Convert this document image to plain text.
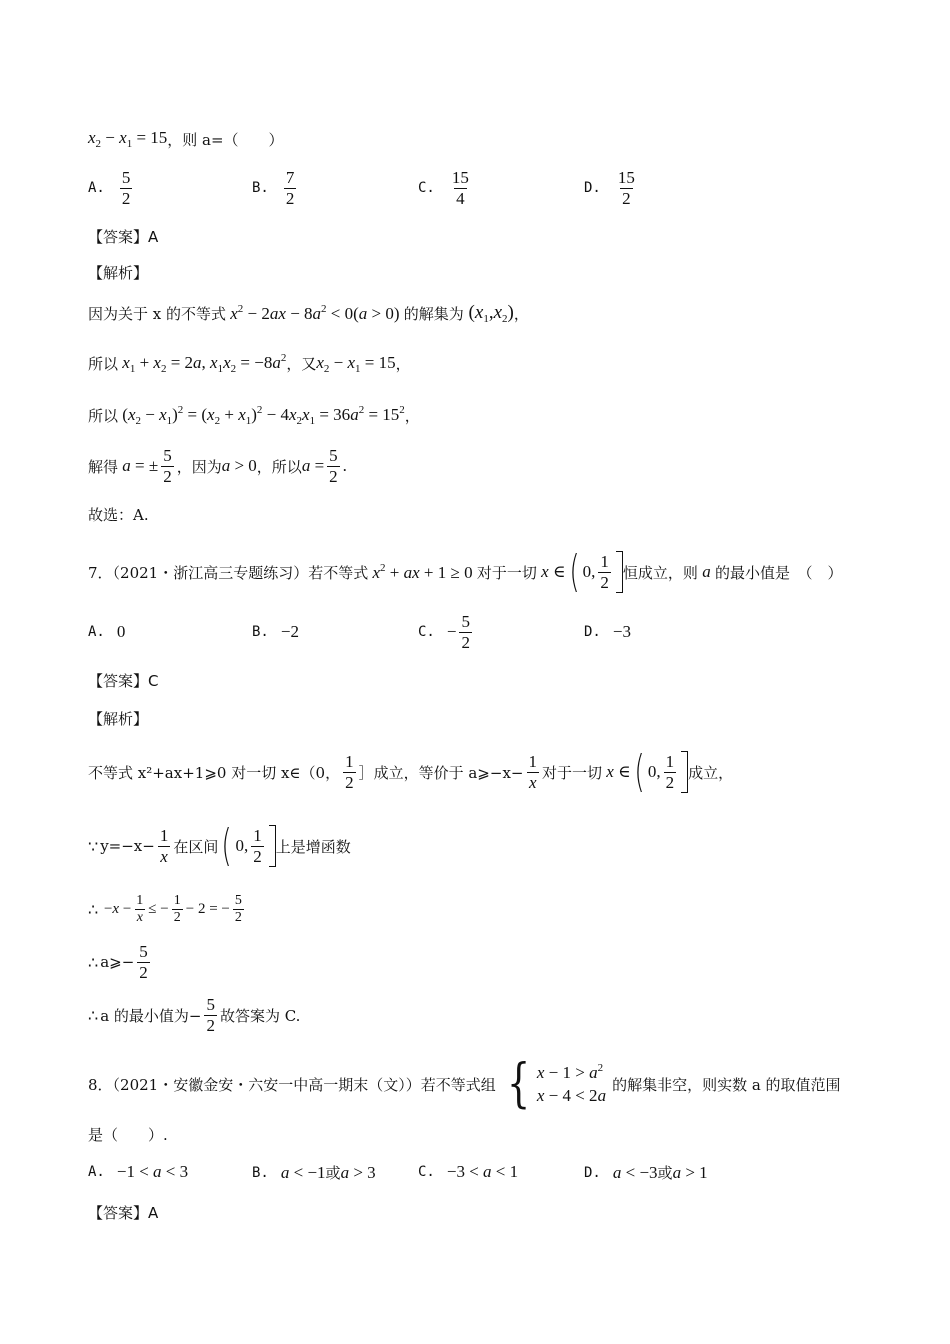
$x_2 - x_1 = 15$ ，则 a=（　　）
A. $\frac{5}{2}$	B. $\frac{7}{2}$	C. $\frac{15}{4}$	D. $\frac{15}{2}$
【答案】A
【解析】
因为关于 x 的不等式 $x^2 - 2ax - 8a^2 < 0(a > 0)$ 的解集为 $(x_1,x_2)$ ，
所以 $x_1 + x_2 = 2a$, $x_1x_2 = -8a^2$ ，又 $x_2 - x_1 = 15$ ，
所以 $(x_2 - x_1)^2 = (x_2 + x_1)^2 - 4x_2x_1 = 36a^2 = 15^2$ ，
解得 a = ± $\frac{5}{2}$ ，因为 a > 0 ，所以 $a = \frac{5}{2}$ .
故选：A.
7．（2021・浙江高三专题练习）若不等式 $x^2$ + ax + 1 ≥ 0 对于一切 x ∈ ( 0, $\frac{1}{2}$ 恒成立，则 a 的最小值是　（　）
A. 0	B. −2	C. − $\frac{5}{2}$	D. −3
【答案】C
【解析】
不等式 x²+ax+1⩾0 对一切 x∈（0， $\frac{1}{2}$ ］成立，等价于 a⩾−x− $\frac{1}{x}$ 对于一切 x ∈ ( 0, $\frac{1}{2}$ 成立，
∵ $y=-x- \frac{1}{x}$ 在区间 ( 0, $\frac{1}{2}$ 上是增函数
∴ $-x - \frac{1}{x}$ ≤ − $\frac{1}{2} - 2$ = − $\frac{5}{2}$
∴ a⩾− $\frac{5}{2}$
∴ a 的最小值为− $\frac{5}{2}$ 故答案为 C.
8．（2021・安徽金安・六安一中高一期末（文））若不等式组 { $x - 1 > a^2$
x − 4 < 2a
的解集非空，则实数 a 的取值范围
是（　　）.
A. −1 < a < 3	B. a < −1 或 a > 3	C. −3 < a < 1	D. a < −3 或 a > 1
【答案】A
